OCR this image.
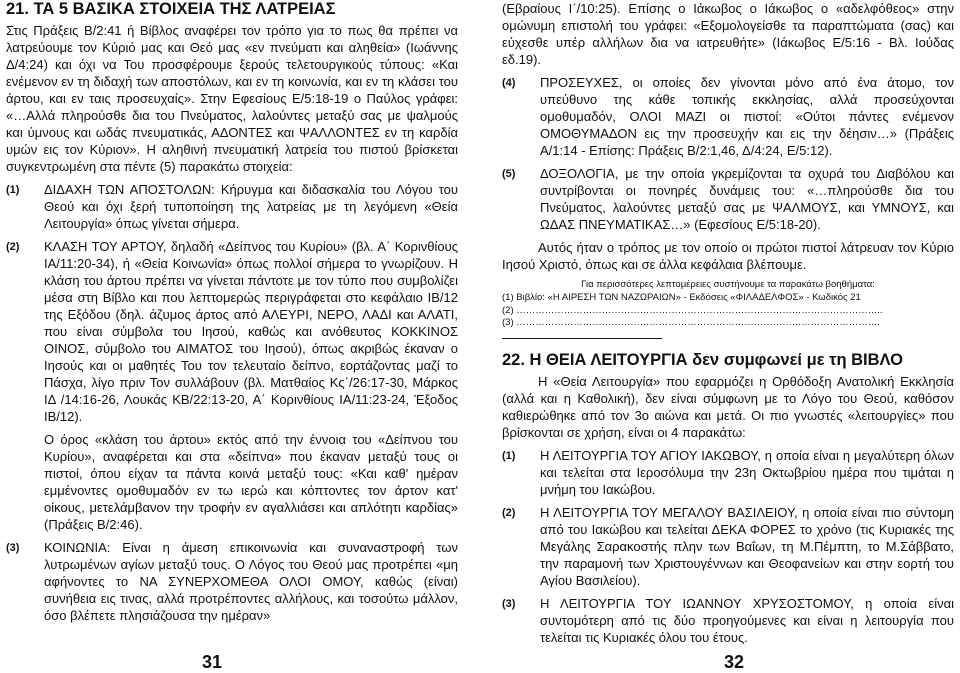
21. ΤΑ 5 ΒΑΣΙΚΑ ΣΤΟΙΧΕΙΑ ΤΗΣ ΛΑΤΡΕΙΑΣ

Στις Πράξεις Β/2:41 ή Βίβλος αναφέρει τον τρόπο για το πως θα πρέπει να λατρεύουμε τον Κύριό μας και Θεό μας «εν πνεύματι και αληθεία» (Ιωάννης Δ/4:24) και όχι να Του προσφέρουμε ξερούς τελετουργικούς τύπους: «Και ενέμενον εν τη διδαχή των αποστόλων, και εν τη κοινωνία, και εν τη κλάσει του άρτου, και εν ταις προσευχαίς». Στην Εφεσίους Ε/5:18-19 ο Παύλος γράφει: «…Αλλά πληρούσθε δια του Πνεύματος, λαλούντες μεταξύ σας με ψαλμούς και ύμνους και ωδάς πνευματικάς, ΑΔΟΝΤΕΣ και ΨΑΛΛΟΝΤΕΣ εν τη καρδία υμών εις τον Κύριον». Η αληθινή πνευματική λατρεία του πιστού βρίσκεται συγκεντρωμένη στα πέντε (5) παρακάτω στοιχεία:

(1)	ΔΙΔΑΧΗ ΤΩΝ ΑΠΟΣΤΟΛΩΝ: Κήρυγμα και διδασκαλία του Λόγου του Θεού και όχι ξερή τυποποίηση της λατρείας με τη λεγόμενη «Θεία Λειτουργία» όπως γίνεται σήμερα.
(2)	ΚΛΑΣΗ ΤΟΥ ΑΡΤΟΥ, δηλαδή «Δείπνος του Κυρίου» (βλ. Α΄ Κορινθίους ΙΑ/11:20-34), ή «Θεία Κοινωνία» όπως πολλοί σήμερα το γνωρίζουν. Η κλάση του άρτου πρέπει να γίνεται πάντοτε με τον τύπο που συμβολίζει μέσα στη Βίβλο και που λεπτομερώς περιγράφεται στο κεφάλαιο ΙΒ/12 της Εξόδου (δηλ. άζυμος άρτος από ΑΛΕΥΡΙ, ΝΕΡΟ, ΛΑΔΙ και ΑΛΑΤΙ, που είναι σύμβολα του Ιησού, καθώς και ανόθευτος ΚΟΚΚΙΝΟΣ ΟΙΝΟΣ, σύμβολο του ΑΙΜΑΤΟΣ του Ιησού), όπως ακριβώς έκαναν ο Ιησούς και οι μαθητές Του τον τελευταίο δείπνο, εορτάζοντας μαζί το Πάσχα, λίγο πριν Τον συλλάβουν (βλ. Ματθαίος Κς΄/26:17-30, Μάρκος ΙΔ /14:16-26, Λουκάς ΚΒ/22:13-20, Α΄ Κορινθίους ΙΑ/11:23-24, Έξοδος ΙΒ/12).
Ο όρος «κλάση του άρτου» εκτός από την έννοια του «Δείπνου του Κυρίου», αναφέρεται και στα «δείπνα» που έκαναν μεταξύ τους οι πιστοί, όπου είχαν τα πάντα κοινά μεταξύ τους: «Και καθ' ημέραν εμμένοντες ομοθυμαδόν εν τω ιερώ και κόπτοντες τον άρτον κατ' οίκους, μετελάμβανον την τροφήν εν αγαλλιάσει και απλότητι καρδίας» (Πράξεις Β/2:46).
(3)	ΚΟΙΝΩΝΙΑ: Είναι η άμεση επικοινωνία και συναναστροφή των λυτρωμένων αγίων μεταξύ τους. Ο Λόγος του Θεού μας προτρέπει «μη αφήνοντες το ΝΑ ΣΥΝΕΡΧΟΜΕΘΑ ΟΛΟΙ ΟΜΟΥ, καθώς (είναι) συνήθεια εις τινας, αλλά προτρέποντες αλλήλους, και τοσούτω μάλλον, όσο βλέπετε πλησιάζουσα την ημέραν»
31

(Εβραίους Ι΄/10:25). Επίσης ο Ιάκωβος ο Ιάκωβος ο «αδελφόθεος» στην ομώνυμη επιστολή του γράφει: «Εξομολογείσθε τα παραπτώματα (σας) και εύχεσθε υπέρ αλλήλων δια να ιατρευθήτε» (Ιάκωβος Ε/5:16 - Βλ. Ιούδας εδ.19).

(4)	ΠΡΟΣΕΥΧΕΣ, οι οποίες δεν γίνονται μόνο από ένα άτομο, τον υπεύθυνο της κάθε τοπικής εκκλησίας, αλλά προσεύχονται ομοθυμαδόν, ΟΛΟΙ ΜΑΖΙ οι πιστοί: «Ούτοι πάντες ενέμενον ΟΜΟΘΥΜΑΔΟΝ εις την προσευχήν και εις την δέησιν…» (Πράξεις Α/1:14 - Επίσης: Πράξεις Β/2:1,46, Δ/4:24, Ε/5:12).
(5)	ΔΟΞΟΛΟΓΙΑ, με την οποία γκρεμίζονται τα οχυρά του Διαβόλου και συντρίβονται οι πονηρές δυνάμεις του: «…πληρούσθε δια του Πνεύματος, λαλούντες μεταξύ σας με ΨΑΛΜΟΥΣ, και ΥΜΝΟΥΣ, και ΩΔΑΣ ΠΝΕΥΜΑΤΙΚΑΣ…» (Εφεσίους Ε/5:18-20).

Αυτός ήταν ο τρόπος με τον οποίο οι πρώτοι πιστοί λάτρευαν τον Κύριο Ιησού Χριστό, όπως και σε άλλα κεφάλαια βλέπουμε.

Για περισσότερες λεπτομέρειες συστήνουμε τα παρακάτω βοηθήματα:

(1) Βιβλίο: «Η ΑΙΡΕΣΗ ΤΩΝ ΝΑΖΩΡΑΙΩΝ» - Εκδόσεις «ΦΙΛΑΔΕΛΦΟΣ» - Κωδικός 21

(2) ……………………………………………………………………………………………………..

(3) …………………………………………………………………………………………………….

22. Η ΘΕΙΑ ΛΕΙΤΟΥΡΓΙΑ δεν συμφωνεί με τη ΒΙΒΛΟ

Η «Θεία Λειτουργία» που εφαρμόζει η Ορθόδοξη Ανατολική Εκκλησία (αλλά και η Καθολική), δεν είναι σύμφωνη με το Λόγο του Θεού, καθόσον καθιερώθηκε από τον 3ο αιώνα και μετά. Οι πιο γνωστές «λειτουργίες» που βρίσκονται σε χρήση, είναι οι 4 παρακάτω:

(1)	Η ΛΕΙΤΟΥΡΓΙΑ ΤΟΥ ΑΓΙΟΥ ΙΑΚΩΒΟΥ, η οποία είναι η μεγαλύτερη όλων και τελείται στα Ιεροσόλυμα την 23η Οκτωβρίου ημέρα που τιμάται η μνήμη του Ιακώβου.
(2)	Η ΛΕΙΤΟΥΡΓΙΑ ΤΟΥ ΜΕΓΑΛΟΥ ΒΑΣΙΛΕΙΟΥ, η οποία είναι πιο σύντομη από του Ιακώβου και τελείται ΔΕΚΑ ΦΟΡΕΣ το χρόνο (τις Κυριακές της Μεγάλης Σαρακοστής πλην των Βαΐων, τη Μ.Πέμπτη, το Μ.Σάββατο, την παραμονή των Χριστουγέννων και Θεοφανείων και στην εορτή του Αγίου Βασιλείου).
(3)	Η ΛΕΙΤΟΥΡΓΙΑ ΤΟΥ ΙΩΑΝΝΟΥ ΧΡΥΣΟΣΤΟΜΟΥ, η οποία είναι συντομότερη από τις δύο προηγούμενες και είναι η λειτουργία που τελείται τις Κυριακές όλου του έτους.
32
